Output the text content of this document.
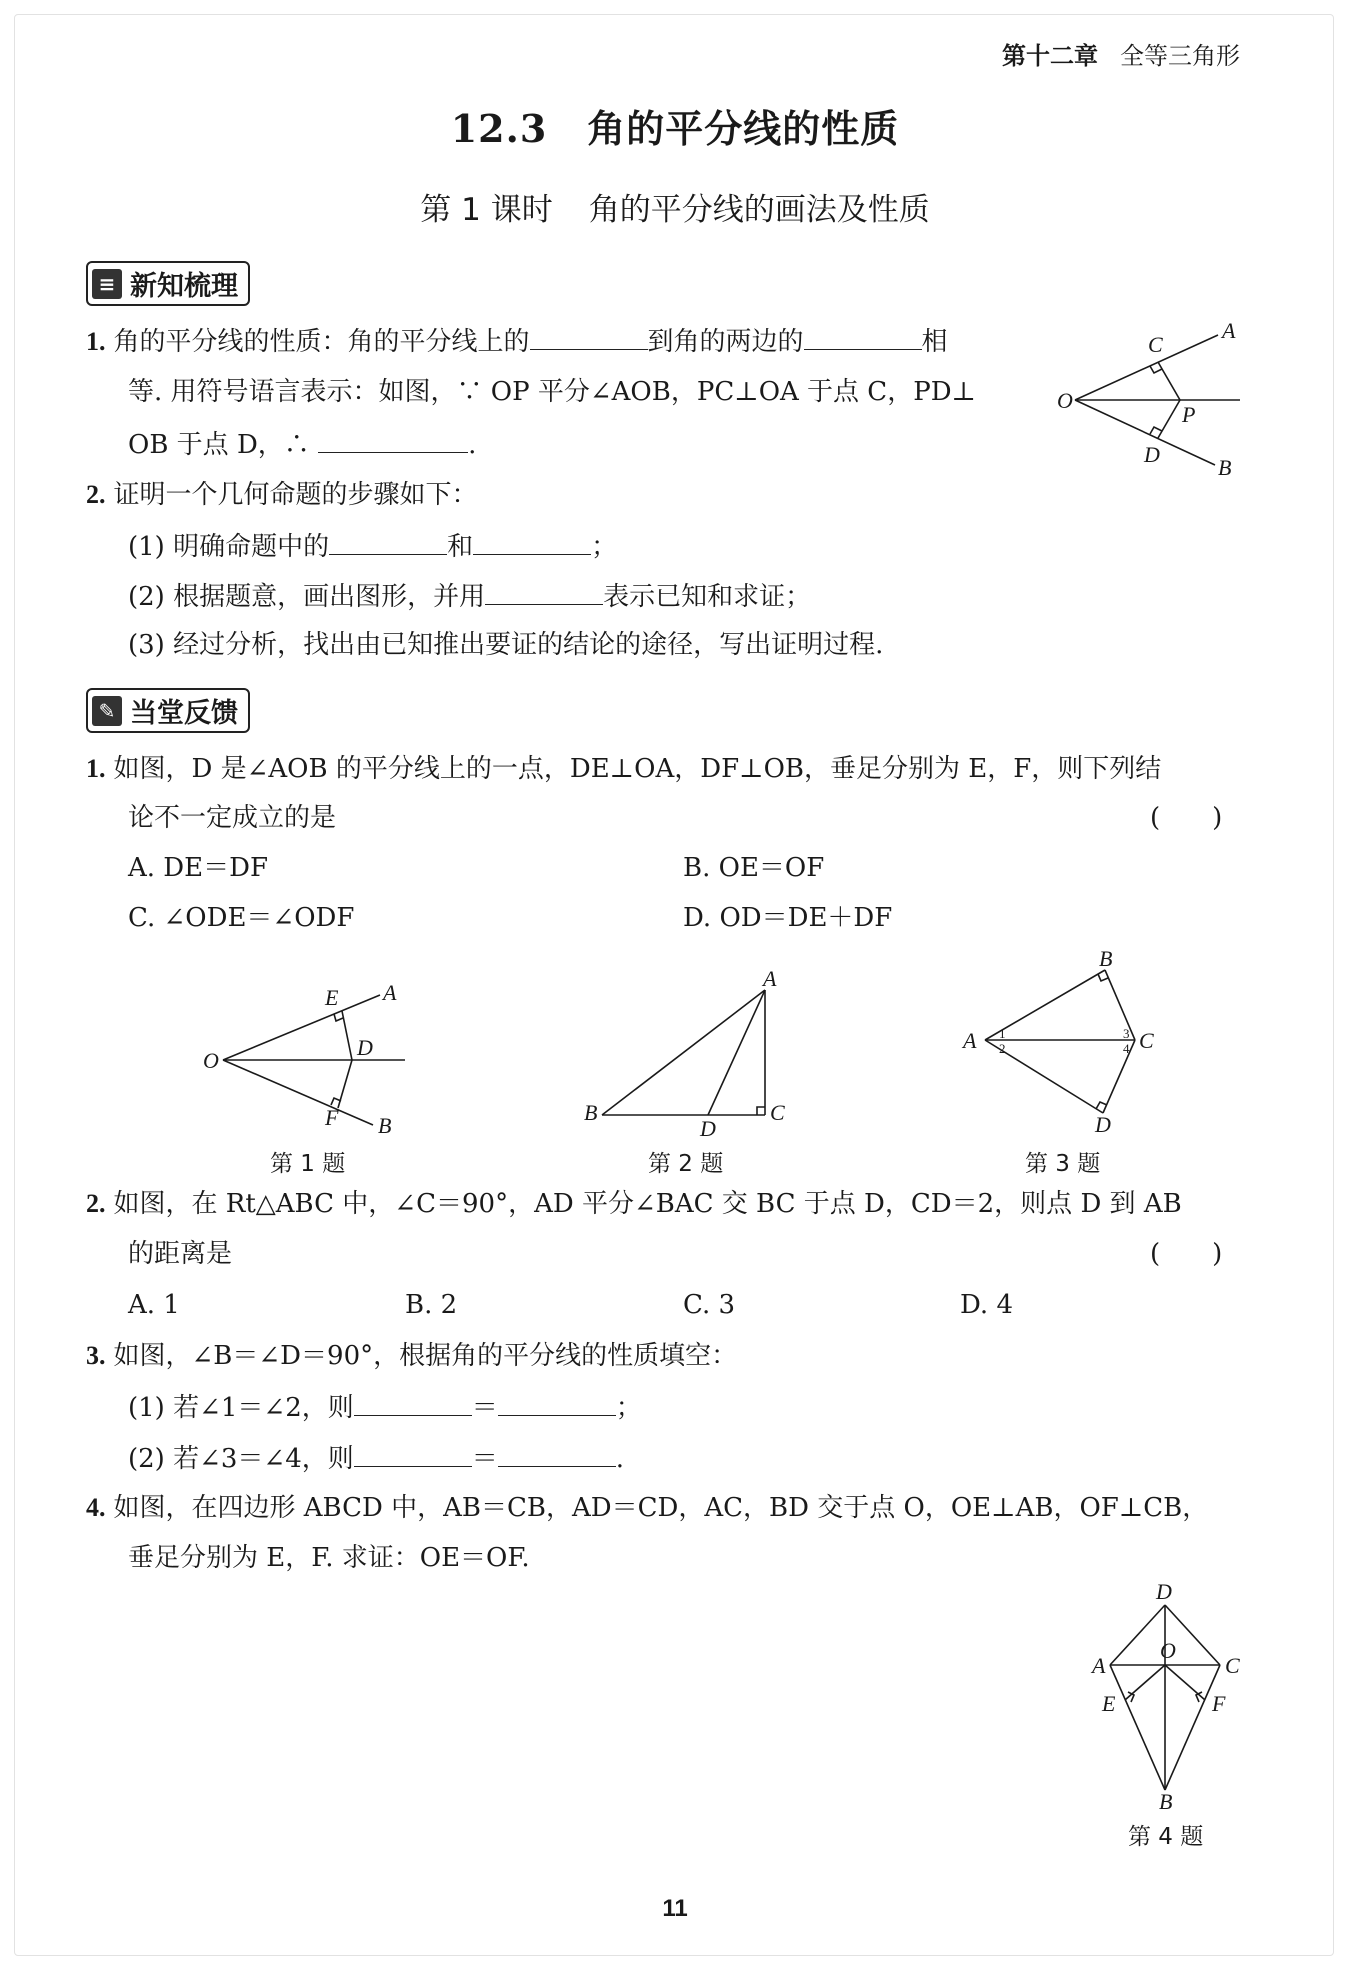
第十二章 全等三角形
12.3 角的平分线的性质
第 1 课时 角的平分线的画法及性质
≡ 新知梳理
1. 角的平分线的性质：角的平分线上的	到角的两边的	相
等. 用符号语言表示：如图，∵ OP 平分∠AOB，PC⊥OA 于点 C，PD⊥
OB 于点 D，∴	.
C
A
O
P
D
B
2. 证明一个几何命题的步骤如下：
(1) 明确命题中的	和	；
(2) 根据题意，画出图形，并用	表示已知和求证；
(3) 经过分析，找出由已知推出要证的结论的途径，写出证明过程.
✎ 当堂反馈
1. 如图，D 是∠AOB 的平分线上的一点，DE⊥OA，DF⊥OB，垂足分别为 E，F，则下列结
论不一定成立的是	(　　)
A. DE＝DF	B. OE＝OF
C. ∠ODE＝∠ODF	D. OD＝DE＋DF
E A
O
D
F B
第 1 题
A
B
D
C
第 2 题
B
A	C
D
1
2
3
4
第 3 题
2. 如图，在 Rt△ABC 中，∠C＝90°，AD 平分∠BAC 交 BC 于点 D，CD＝2，则点 D 到 AB
的距离是	(　　)
A. 1	B. 2	C. 3	D. 4
3. 如图，∠B＝∠D＝90°，根据角的平分线的性质填空：
(1) 若∠1＝∠2，则	＝	；
(2) 若∠3＝∠4，则	＝	.
4. 如图，在四边形 ABCD 中，AB＝CB，AD＝CD，AC，BD 交于点 O，OE⊥AB，OF⊥CB，
垂足分别为 E，F. 求证：OE＝OF.
D
A
O
C
E	F
B
第 4 题
11
